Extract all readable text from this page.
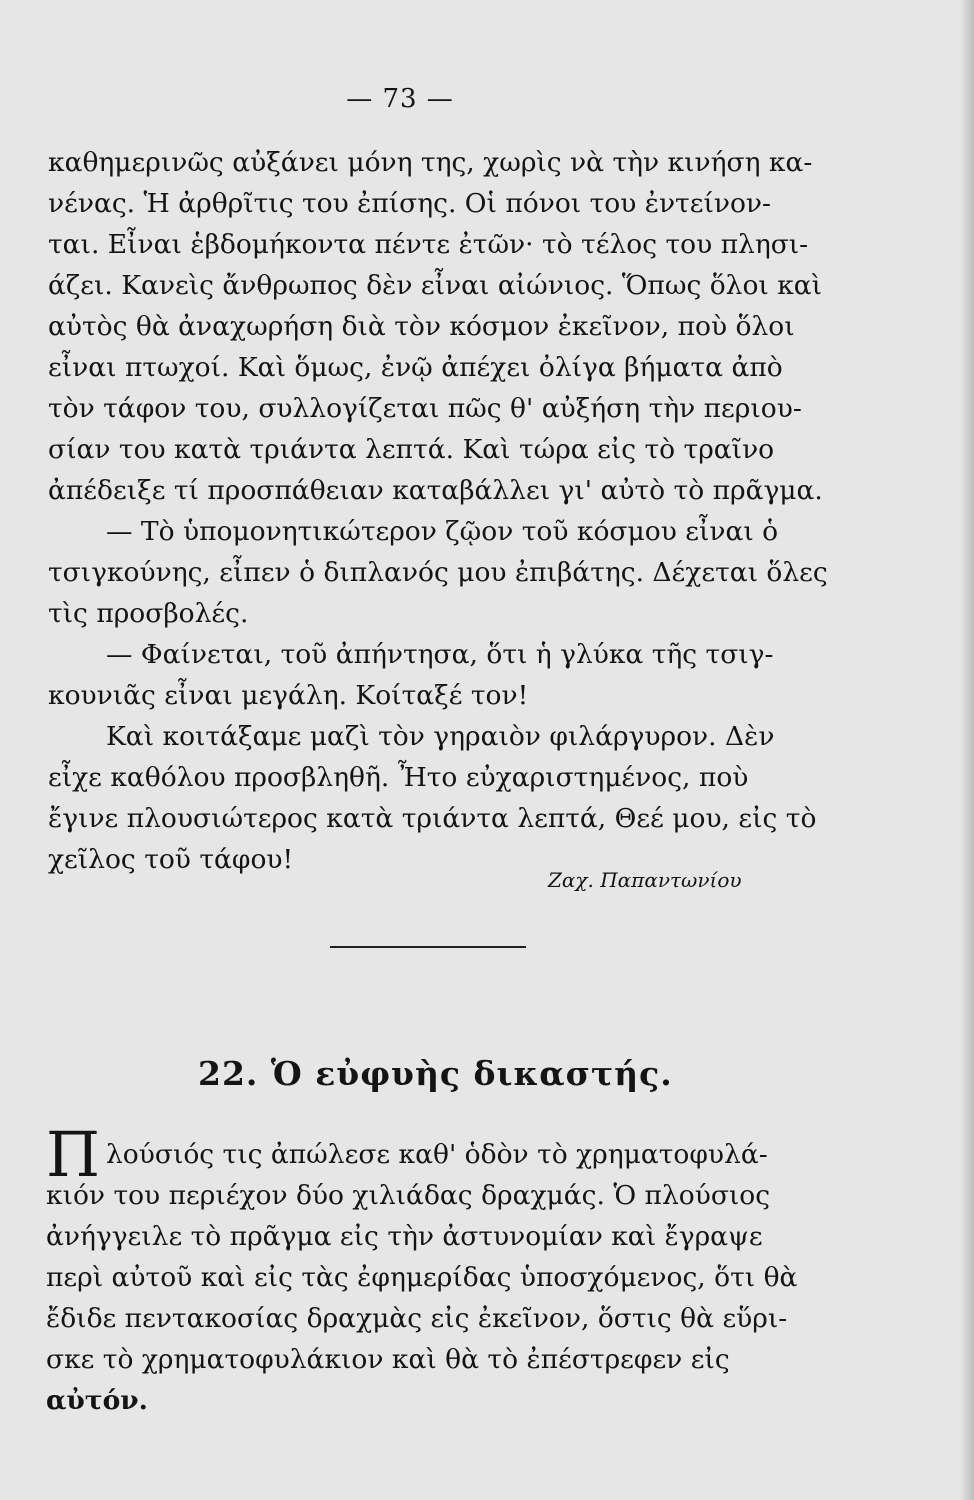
— 73 —
καθημερινῶς αὐξάνει μόνη της, χωρὶς νὰ τὴν κινήση κα-
νένας. Ἡ ἀρθρῖτις του ἐπίσης. Οἱ πόνοι του ἐντείνον-
ται. Εἶναι ἑβδομήκοντα πέντε ἐτῶν· τὸ τέλος του πλησι-
άζει. Κανεὶς ἄνθρωπος δὲν εἶναι αἰώνιος. Ὅπως ὅλοι καὶ
αὐτὸς θὰ ἀναχωρήση διὰ τὸν κόσμον ἐκεῖνον, ποὺ ὅλοι
εἶναι πτωχοί. Καὶ ὅμως, ἐνῷ ἀπέχει ὀλίγα βήματα ἀπὸ
τὸν τάφον του, συλλογίζεται πῶς θ' αὐξήση τὴν περιου-
σίαν του κατὰ τριάντα λεπτά. Καὶ τώρα εἰς τὸ τραῖνο
ἀπέδειξε τί προσπάθειαν καταβάλλει γι' αὐτὸ τὸ πρᾶγμα.
— Τὸ ὑπομονητικώτερον ζῷον τοῦ κόσμου εἶναι ὁ
τσιγκούνης, εἶπεν ὁ διπλανός μου ἐπιβάτης. Δέχεται ὅλες
τὶς προσβολές.
— Φαίνεται, τοῦ ἀπήντησα, ὅτι ἡ γλύκα τῆς τσιγ-
κουνιᾶς εἶναι μεγάλη. Κοίταξέ τον!
Καὶ κοιτάξαμε μαζὶ τὸν γηραιὸν φιλάργυρον. Δὲν
εἶχε καθόλου προσβληθῆ. Ἦτο εὐχαριστημένος, ποὺ
ἔγινε πλουσιώτερος κατὰ τριάντα λεπτά, Θεέ μου, εἰς τὸ
χεῖλος τοῦ τάφου!
Ζαχ. Παπαντωνίου
22. Ὁ εὐφυὴς δικαστής.
Π λούσιός τις ἀπώλεσε καθ' ὁδὸν τὸ χρηματοφυλά-
κιόν του περιέχον δύο χιλιάδας δραχμάς. Ὁ πλούσιος
ἀνήγγειλε τὸ πρᾶγμα εἰς τὴν ἀστυνομίαν καὶ ἔγραψε
περὶ αὐτοῦ καὶ εἰς τὰς ἐφημερίδας ὑποσχόμενος, ὅτι θὰ
ἔδιδε πεντακοσίας δραχμὰς εἰς ἐκεῖνον, ὅστις θὰ εὕρι-
σκε τὸ χρηματοφυλάκιον καὶ θὰ τὸ ἐπέστρεφεν εἰς
αὐτόν.
